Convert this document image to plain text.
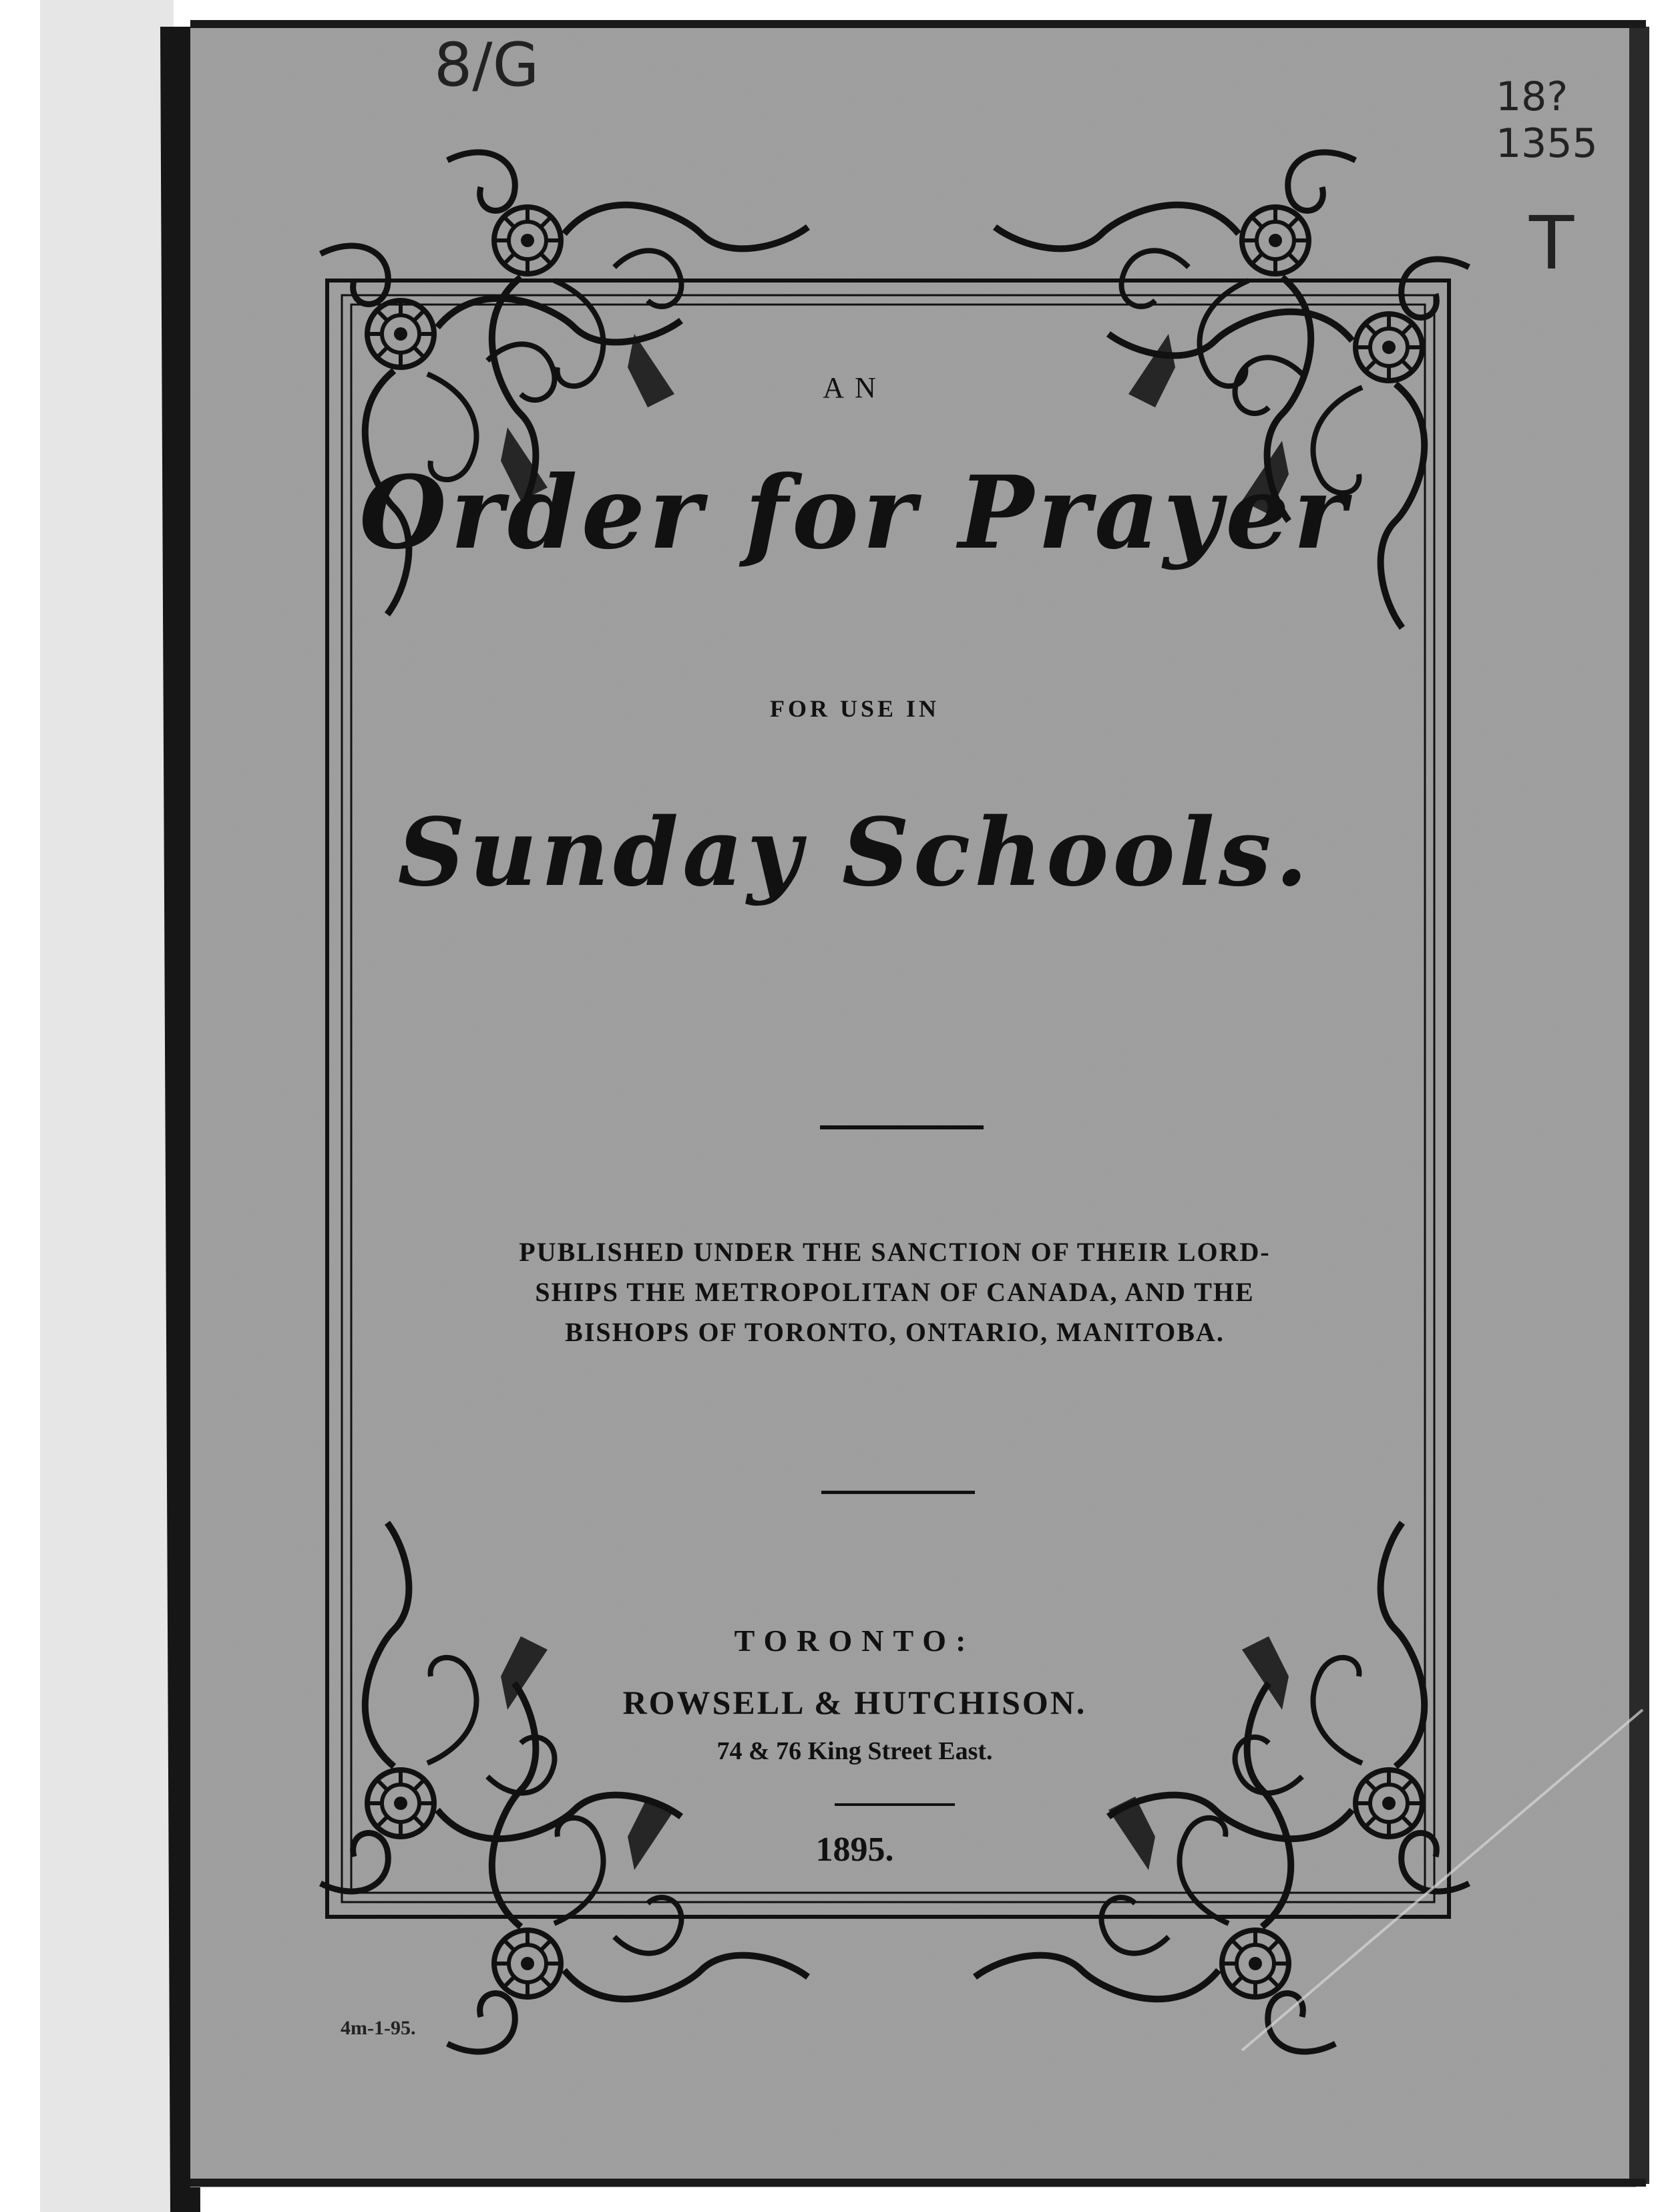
AN
Order for Prayer
FOR USE IN
Sunday Schools.
PUBLISHED UNDER THE SANCTION OF THEIR LORD-
SHIPS THE METROPOLITAN OF CANADA, AND THE
BISHOPS OF TORONTO, ONTARIO, MANITOBA.
TORONTO:
ROWSELL & HUTCHISON.
74 & 76 King Street East.
1895.
8/G	18?
1355
T
4m-1-95.
